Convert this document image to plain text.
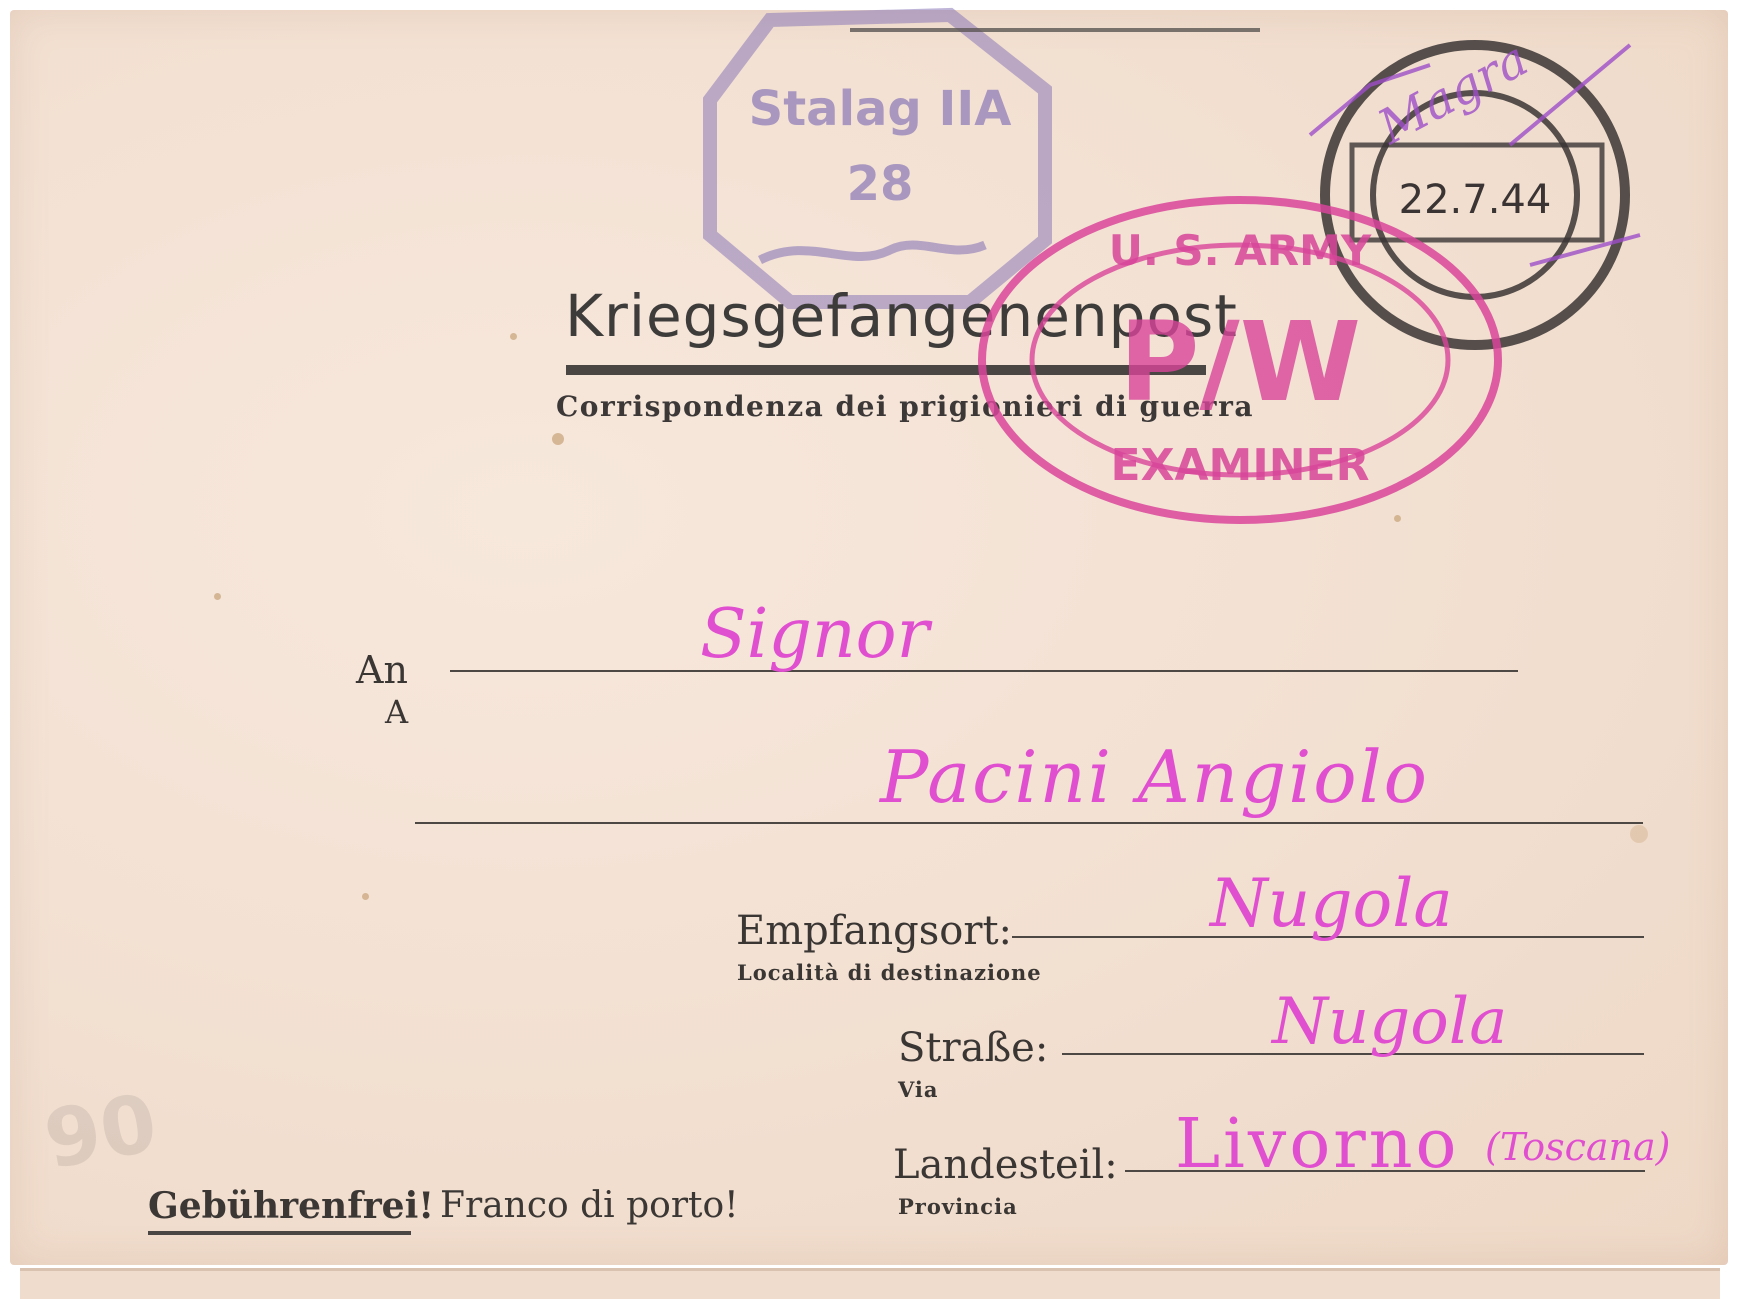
Stalag IIA
28
Kriegsgefangenenpost
Corrispondenza dei prigionieri di guerra
22.7.44
Magra
U. S. ARMY
P/W
EXAMINER
An
A
Empfangsort:
Località di destinazione
Straße:
Via
Landesteil:
Provincia
Signor
Pacini Angiolo
Nugola
Nugola
Livorno (Toscana)
Gebührenfrei! Franco di porto!
90
